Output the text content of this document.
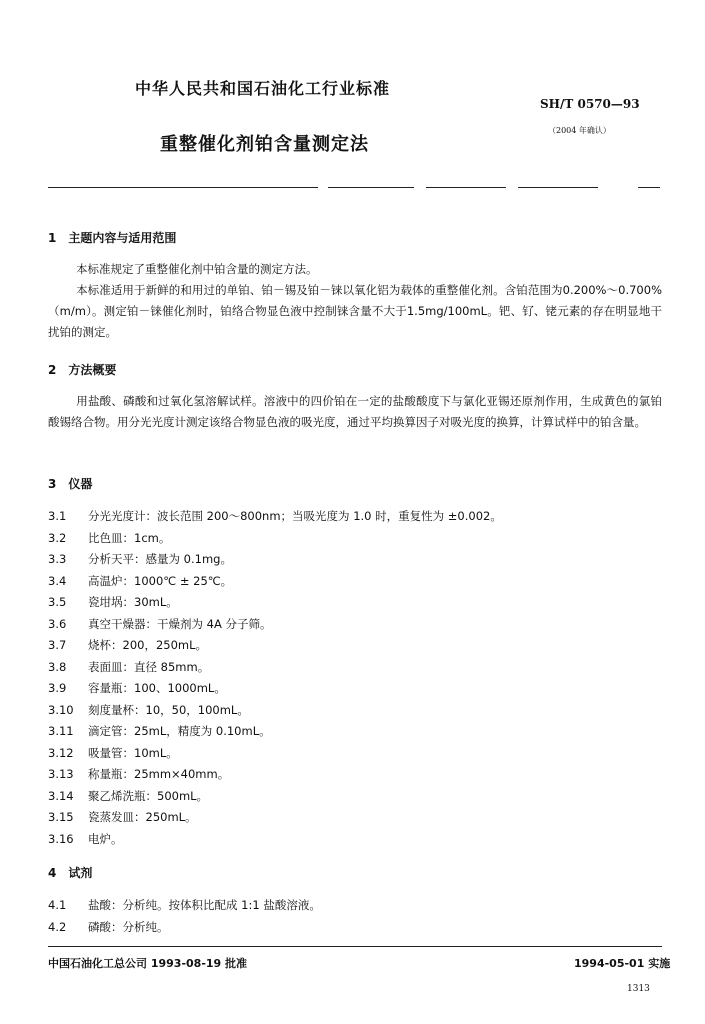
中华人民共和国石油化工行业标准
SH/T 0570—93
重整催化剂铂含量测定法
（2004 年确认）
1　主题内容与适用范围
本标准规定了重整催化剂中铂含量的测定方法。
本标准适用于新鲜的和用过的单铂、铂－锡及铂－铼以氧化铝为载体的重整催化剂。含铂范围为0.200%～0.700%（m/m）。测定铂－铼催化剂时，铂络合物显色液中控制铼含量不大于1.5mg/100mL。钯、钌、铑元素的存在明显地干扰铂的测定。
2　方法概要
用盐酸、磷酸和过氧化氢溶解试样。溶液中的四价铂在一定的盐酸酸度下与氯化亚锡还原剂作用，生成黄色的氯铂酸锡络合物。用分光光度计测定该络合物显色液的吸光度，通过平均换算因子对吸光度的换算，计算试样中的铂含量。
3　仪器
3.1 分光光度计：波长范围 200～800nm；当吸光度为 1.0 时，重复性为 ±0.002。
3.2 比色皿：1cm。
3.3 分析天平：感量为 0.1mg。
3.4 高温炉：1000℃ ± 25℃。
3.5 瓷坩埚：30mL。
3.6 真空干燥器：干燥剂为 4A 分子筛。
3.7 烧杯：200，250mL。
3.8 表面皿：直径 85mm。
3.9 容量瓶：100、1000mL。
3.10 刻度量杯：10，50，100mL。
3.11 滴定管：25mL，精度为 0.10mL。
3.12 吸量管：10mL。
3.13 称量瓶：25mm×40mm。
3.14 聚乙烯洗瓶：500mL。
3.15 瓷蒸发皿：250mL。
3.16 电炉。
4　试剂
4.1 盐酸：分析纯。按体积比配成 1:1 盐酸溶液。
4.2 磷酸：分析纯。
中国石油化工总公司 1993-08-19 批准	1994-05-01 实施
1313
